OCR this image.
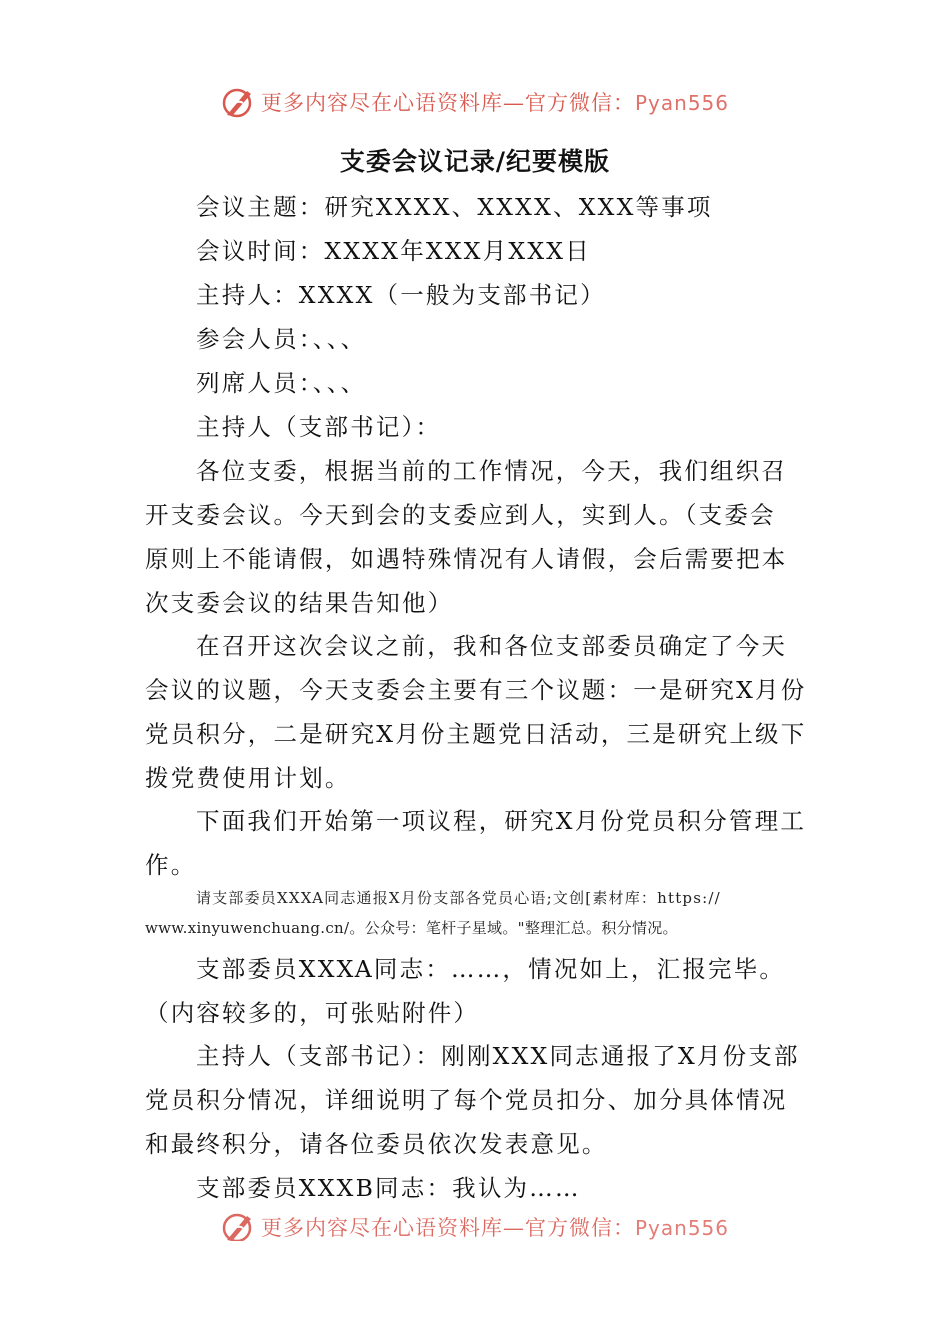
更多内容尽在心语资料库—官方微信：Pyan556
支委会议记录/纪要模版
会议主题：研究XXXX、XXXX、XXX等事项
会议时间：XXXX年XXX月XXX日
主持人：XXXX（一般为支部书记）
参会人员：、、、
列席人员：、、、
主持人（支部书记）：
各位支委，根据当前的工作情况，今天，我们组织召
开支委会议。今天到会的支委应到人，实到人。（支委会
原则上不能请假，如遇特殊情况有人请假，会后需要把本
次支委会议的结果告知他）
在召开这次会议之前，我和各位支部委员确定了今天
会议的议题，今天支委会主要有三个议题：一是研究X月份
党员积分，二是研究X月份主题党日活动，三是研究上级下
拨党费使用计划。
下面我们开始第一项议程，研究X月份党员积分管理工
作。
请支部委员XXXA同志通报X月份支部各党员心语;文创[素材库：https://
www.xinyuwenchuang.cn/。公众号：笔杆子星域。"整理汇总。积分情况。
支部委员XXXA同志：……，情况如上，汇报完毕。
（内容较多的，可张贴附件）
主持人（支部书记）：刚刚XXX同志通报了X月份支部
党员积分情况，详细说明了每个党员扣分、加分具体情况
和最终积分，请各位委员依次发表意见。
支部委员XXXB同志：我认为……
更多内容尽在心语资料库—官方微信：Pyan556
